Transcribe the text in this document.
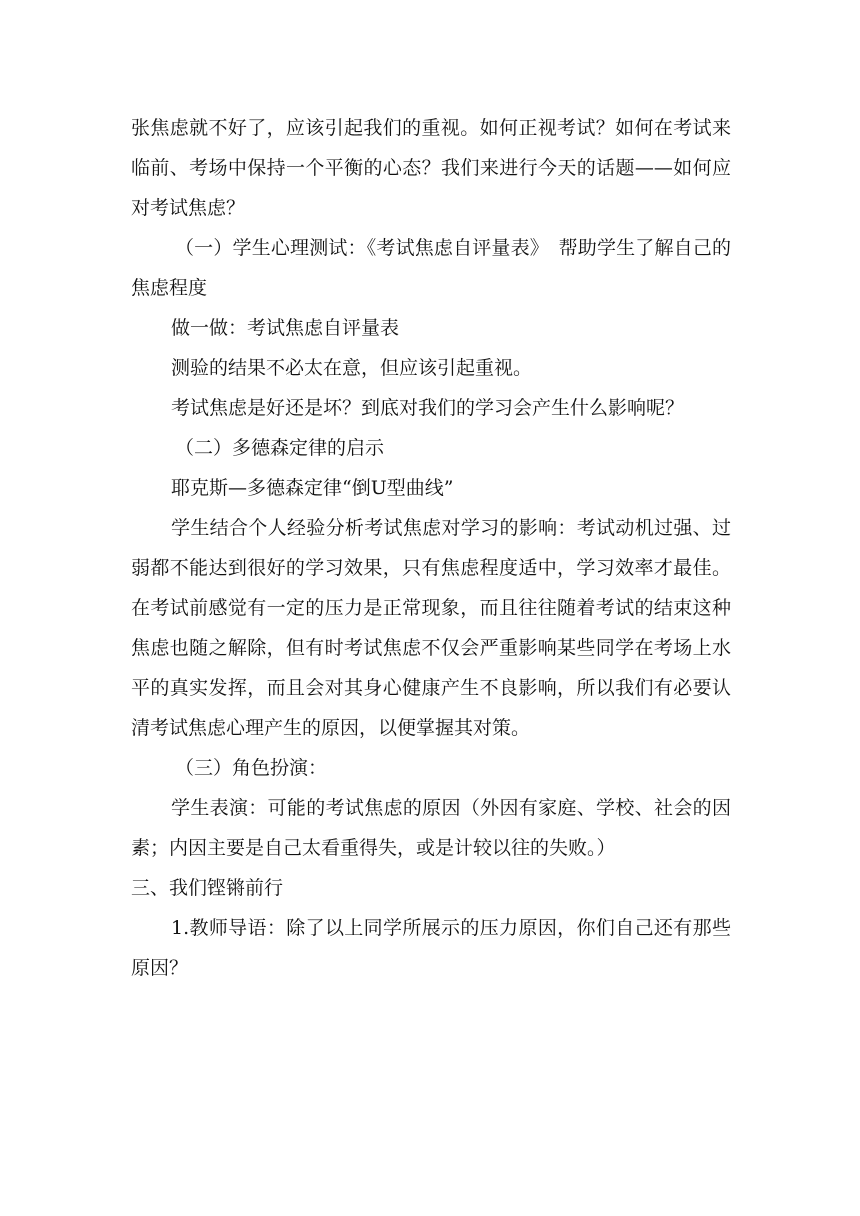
张焦虑就不好了，应该引起我们的重视。如何正视考试？如何在考试来临前、考场中保持一个平衡的心态？我们来进行今天的话题——如何应对考试焦虑？

（一）学生心理测试：《考试焦虑自评量表》　帮助学生了解自己的焦虑程度

做一做：考试焦虑自评量表

测验的结果不必太在意，但应该引起重视。

考试焦虑是好还是坏？到底对我们的学习会产生什么影响呢？

（二）多德森定律的启示

耶克斯—多德森定律“倒U型曲线”

学生结合个人经验分析考试焦虑对学习的影响：考试动机过强、过弱都不能达到很好的学习效果，只有焦虑程度适中，学习效率才最佳。在考试前感觉有一定的压力是正常现象，而且往往随着考试的结束这种焦虑也随之解除，但有时考试焦虑不仅会严重影响某些同学在考场上水平的真实发挥，而且会对其身心健康产生不良影响，所以我们有必要认清考试焦虑心理产生的原因，以便掌握其对策。

（三）角色扮演：

学生表演：可能的考试焦虑的原因（外因有家庭、学校、社会的因素；内因主要是自己太看重得失，或是计较以往的失败。）

三、我们铿锵前行

1.教师导语：除了以上同学所展示的压力原因，你们自己还有那些原因？
